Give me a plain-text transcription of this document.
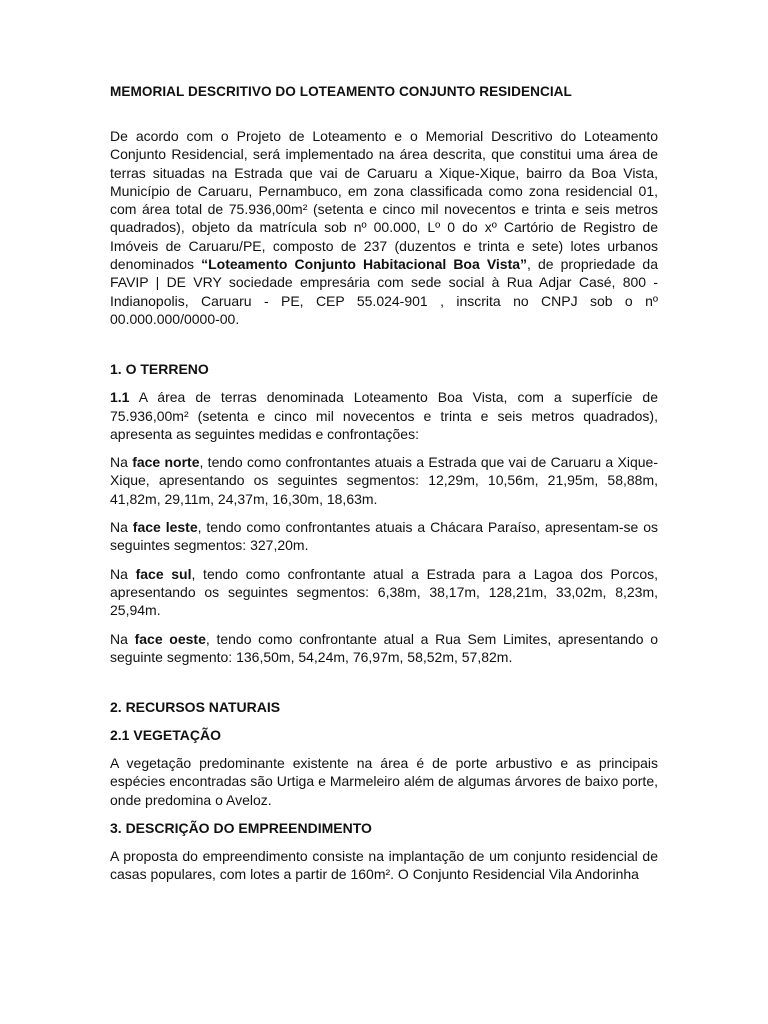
MEMORIAL DESCRITIVO DO LOTEAMENTO CONJUNTO RESIDENCIAL

De acordo com o Projeto de Loteamento e o Memorial Descritivo do Loteamento Conjunto Residencial, será implementado na área descrita, que constitui uma área de terras situadas na Estrada que vai de Caruaru a Xique-Xique, bairro da Boa Vista, Município de Caruaru, Pernambuco, em zona classificada como zona residencial 01, com área total de 75.936,00m² (setenta e cinco mil novecentos e trinta e seis metros quadrados), objeto da matrícula sob nº 00.000, Lº 0 do xº Cartório de Registro de Imóveis de Caruaru/PE, composto de 237 (duzentos e trinta e sete) lotes urbanos denominados “Loteamento Conjunto Habitacional Boa Vista”, de propriedade da FAVIP | DE VRY sociedade empresária com sede social à Rua Adjar Casé, 800 - Indianopolis, Caruaru - PE, CEP 55.024-901 , inscrita no CNPJ sob o nº 00.000.000/0000-00.

1. O TERRENO

1.1 A área de terras denominada Loteamento Boa Vista, com a superfície de 75.936,00m² (setenta e cinco mil novecentos e trinta e seis metros quadrados), apresenta as seguintes medidas e confrontações:

Na face norte, tendo como confrontantes atuais a Estrada que vai de Caruaru a Xique-Xique, apresentando os seguintes segmentos: 12,29m, 10,56m, 21,95m, 58,88m, 41,82m, 29,11m, 24,37m, 16,30m, 18,63m.

Na face leste, tendo como confrontantes atuais a Chácara Paraíso, apresentam-se os seguintes segmentos: 327,20m.

Na face sul, tendo como confrontante atual a Estrada para a Lagoa dos Porcos, apresentando os seguintes segmentos: 6,38m, 38,17m, 128,21m, 33,02m, 8,23m, 25,94m.

Na face oeste, tendo como confrontante atual a Rua Sem Limites, apresentando o seguinte segmento: 136,50m, 54,24m, 76,97m, 58,52m, 57,82m.

2. RECURSOS NATURAIS
2.1 VEGETAÇÃO

A vegetação predominante existente na área é de porte arbustivo e as principais espécies encontradas são Urtiga e Marmeleiro além de algumas árvores de baixo porte, onde predomina o Aveloz.

3. DESCRIÇÃO DO EMPREENDIMENTO

A proposta do empreendimento consiste na implantação de um conjunto residencial de casas populares, com lotes a partir de 160m². O Conjunto Residencial Vila Andorinha
